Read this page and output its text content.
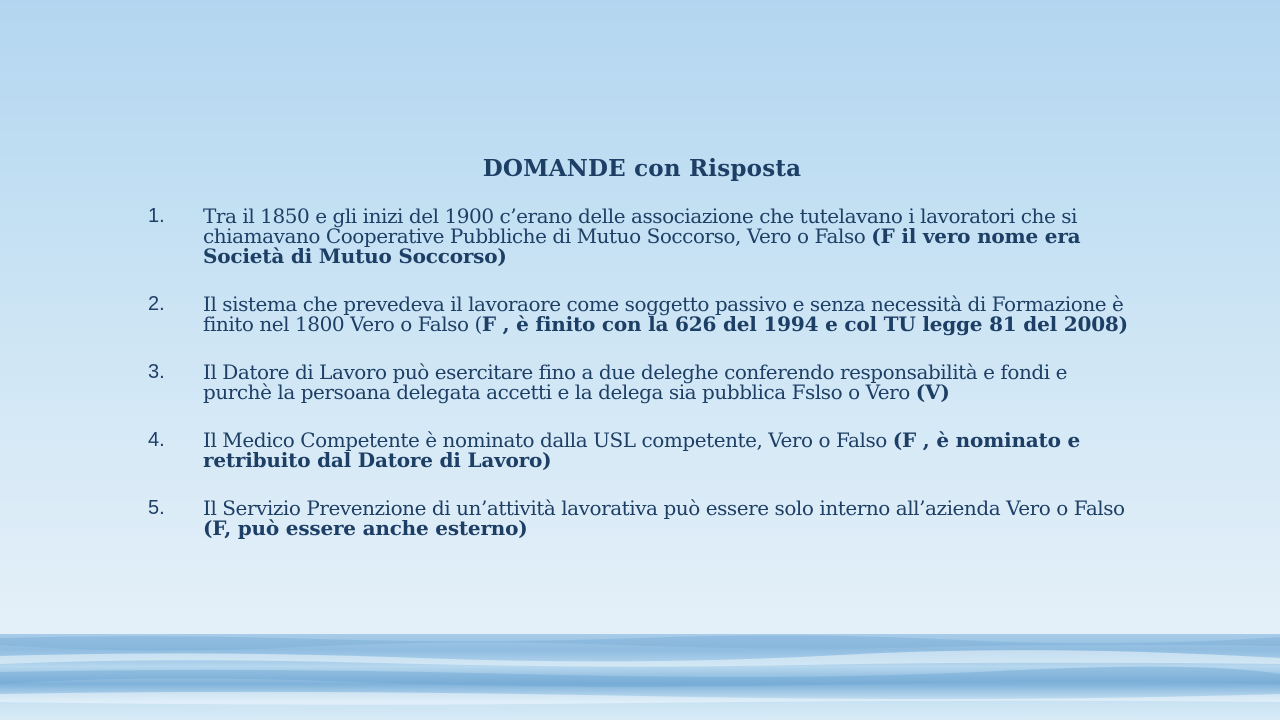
DOMANDE con Risposta
1. Tra il 1850 e gli inizi del 1900 c’erano delle associazione che tutelavano i lavoratori che si chiamavano Cooperative Pubbliche di Mutuo Soccorso, Vero o Falso (F il vero nome era Società di Mutuo Soccorso)
2. Il sistema che prevedeva il lavoraore come soggetto passivo e senza necessità di Formazione è finito nel 1800 Vero o Falso (F , è finito con la 626 del 1994 e col TU legge 81 del 2008)
3. Il Datore di Lavoro può esercitare fino a due deleghe conferendo responsabilità e fondi e purchè la persoana delegata accetti e la delega sia pubblica Fslso o Vero (V)
4. Il Medico Competente è nominato dalla USL competente, Vero o Falso (F , è nominato e retribuito dal Datore di Lavoro)
5. Il Servizio Prevenzione di un’attività lavorativa può essere solo interno all’azienda Vero o Falso (F, può essere anche esterno)
